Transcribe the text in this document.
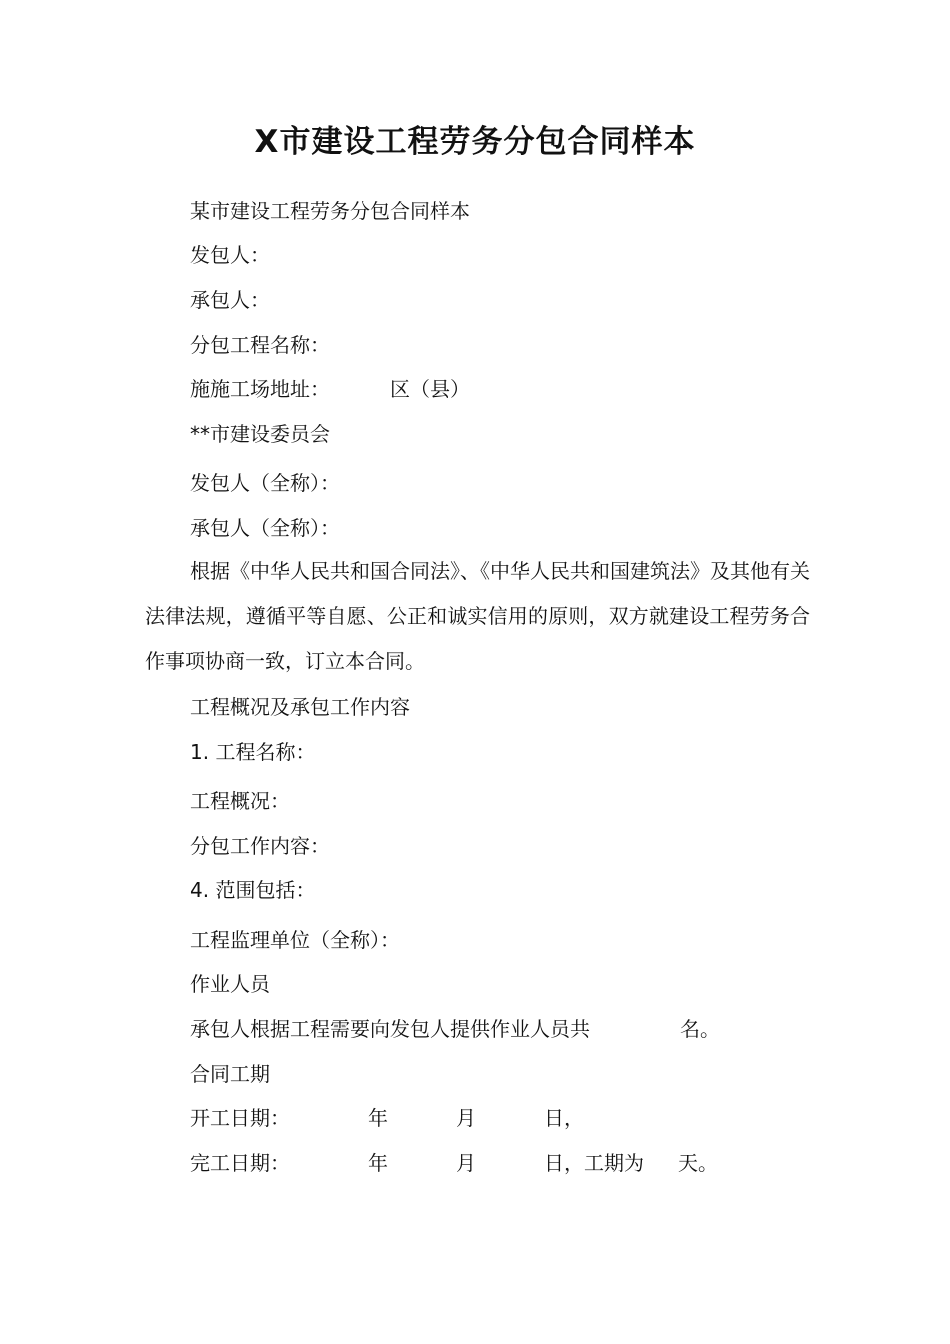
X市建设工程劳务分包合同样本
某市建设工程劳务分包合同样本
发包人：
承包人：
分包工程名称：
施施工场地址：	区（县）
**市建设委员会
发包人（全称）：
承包人（全称）：
根据《中华人民共和国合同法》、《中华人民共和国建筑法》及其他有关法律法规，遵循平等自愿、公正和诚实信用的原则，双方就建设工程劳务合作事项协商一致，订立本合同。
工程概况及承包工作内容
1. 工程名称：
工程概况：
分包工作内容：
4. 范围包括：
工程监理单位（全称）：
作业人员
承包人根据工程需要向发包人提供作业人员共	名。
合同工期
开工日期：	年	月	日，
完工日期：	年	月	日，工期为 天。
